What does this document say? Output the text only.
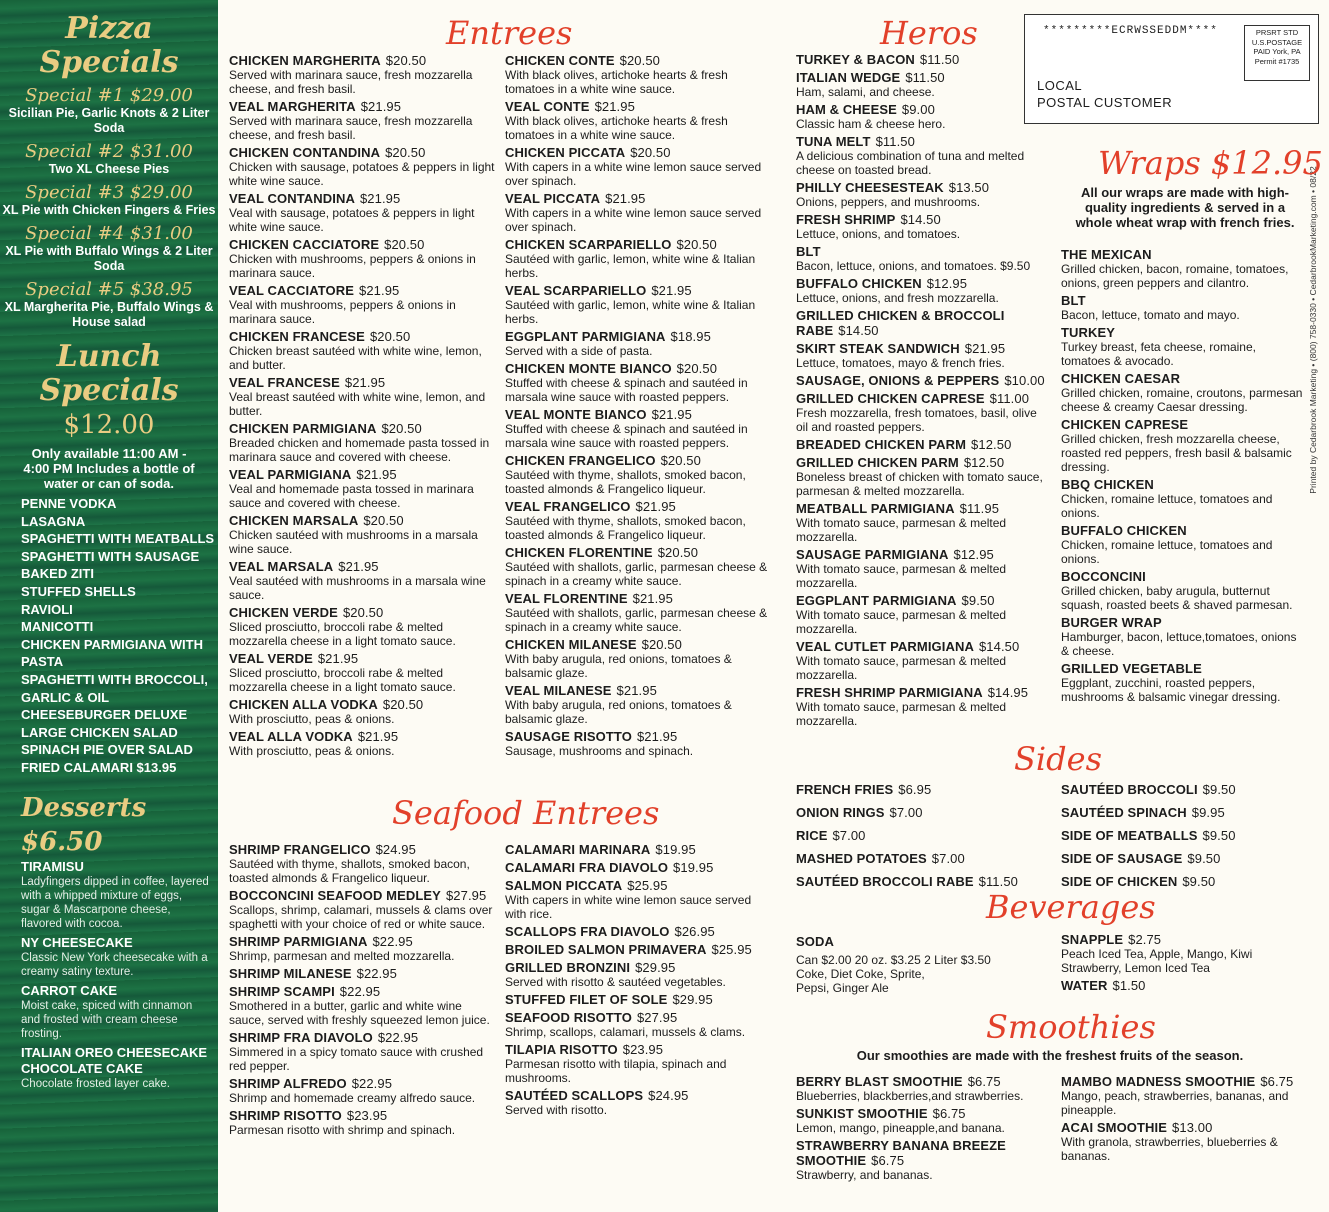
Pizza Specials
Special #1 $29.00
Sicilian Pie, Garlic Knots & 2 Liter Soda
Special #2 $31.00
Two XL Cheese Pies
Special #3 $29.00
XL Pie with Chicken Fingers & Fries
Special #4 $31.00
XL Pie with Buffalo Wings & 2 Liter Soda
Special #5 $38.95
XL Margherita Pie, Buffalo Wings & House salad
Lunch Specials
$12.00
Only available 11:00 AM - 4:00 PM Includes a bottle of water or can of soda.
PENNE VODKA
LASAGNA
SPAGHETTI WITH MEATBALLS
SPAGHETTI WITH SAUSAGE
BAKED ZITI
STUFFED SHELLS
RAVIOLI
MANICOTTI
CHICKEN PARMIGIANA WITH PASTA
SPAGHETTI WITH BROCCOLI, GARLIC & OIL
CHEESEBURGER DELUXE
LARGE CHICKEN SALAD
SPINACH PIE OVER SALAD
FRIED CALAMARI $13.95
Desserts $6.50
TIRAMISU
Ladyfingers dipped in coffee, layered with a whipped mixture of eggs, sugar & Mascarpone cheese, flavored with cocoa.
NY CHEESECAKE
Classic New York cheesecake with a creamy satiny texture.
CARROT CAKE
Moist cake, spiced with cinnamon and frosted with cream cheese frosting.
ITALIAN OREO CHEESECAKE
CHOCOLATE CAKE
Chocolate frosted layer cake.
Entrees
CHICKEN MARGHERITA $20.50
Served with marinara sauce, fresh mozzarella cheese, and fresh basil.
VEAL MARGHERITA $21.95
Served with marinara sauce, fresh mozzarella cheese, and fresh basil.
CHICKEN CONTANDINA $20.50
Chicken with sausage, potatoes & peppers in light white wine sauce.
VEAL CONTANDINA $21.95
Veal with sausage, potatoes & peppers in light white wine sauce.
CHICKEN CACCIATORE $20.50
Chicken with mushrooms, peppers & onions in marinara sauce.
VEAL CACCIATORE $21.95
Veal with mushrooms, peppers & onions in marinara sauce.
CHICKEN FRANCESE $20.50
Chicken breast sautéed with white wine, lemon, and butter.
VEAL FRANCESE $21.95
Veal breast sautéed with white wine, lemon, and butter.
CHICKEN PARMIGIANA $20.50
Breaded chicken and homemade pasta tossed in marinara sauce and covered with cheese.
VEAL PARMIGIANA $21.95
Veal and homemade pasta tossed in marinara sauce and covered with cheese.
CHICKEN MARSALA $20.50
Chicken sautéed with mushrooms in a marsala wine sauce.
VEAL MARSALA $21.95
Veal sautéed with mushrooms in a marsala wine sauce.
CHICKEN VERDE $20.50
Sliced prosciutto, broccoli rabe & melted mozzarella cheese in a light tomato sauce.
VEAL VERDE $21.95
Sliced prosciutto, broccoli rabe & melted mozzarella cheese in a light tomato sauce.
CHICKEN ALLA VODKA $20.50
With prosciutto, peas & onions.
VEAL ALLA VODKA $21.95
With prosciutto, peas & onions.
CHICKEN CONTE $20.50
With black olives, artichoke hearts & fresh tomatoes in a white wine sauce.
VEAL CONTE $21.95
With black olives, artichoke hearts & fresh tomatoes in a white wine sauce.
CHICKEN PICCATA $20.50
With capers in a white wine lemon sauce served over spinach.
VEAL PICCATA $21.95
With capers in a white wine lemon sauce served over spinach.
CHICKEN SCARPARIELLO $20.50
Sautéed with garlic, lemon, white wine & Italian herbs.
VEAL SCARPARIELLO $21.95
Sautéed with garlic, lemon, white wine & Italian herbs.
EGGPLANT PARMIGIANA $18.95
Served with a side of pasta.
CHICKEN MONTE BIANCO $20.50
Stuffed with cheese & spinach and sautéed in marsala wine sauce with roasted peppers.
VEAL MONTE BIANCO $21.95
Stuffed with cheese & spinach and sautéed in marsala wine sauce with roasted peppers.
CHICKEN FRANGELICO $20.50
Sautéed with thyme, shallots, smoked bacon, toasted almonds & Frangelico liqueur.
VEAL FRANGELICO $21.95
Sautéed with thyme, shallots, smoked bacon, toasted almonds & Frangelico liqueur.
CHICKEN FLORENTINE $20.50
Sautéed with shallots, garlic, parmesan cheese & spinach in a creamy white sauce.
VEAL FLORENTINE $21.95
Sautéed with shallots, garlic, parmesan cheese & spinach in a creamy white sauce.
CHICKEN MILANESE $20.50
With baby arugula, red onions, tomatoes & balsamic glaze.
VEAL MILANESE $21.95
With baby arugula, red onions, tomatoes & balsamic glaze.
SAUSAGE RISOTTO $21.95
Sausage, mushrooms and spinach.
Seafood Entrees
SHRIMP FRANGELICO $24.95
Sautéed with thyme, shallots, smoked bacon, toasted almonds & Frangelico liqueur.
BOCCONCINI SEAFOOD MEDLEY $27.95
Scallops, shrimp, calamari, mussels & clams over spaghetti with your choice of red or white sauce.
SHRIMP PARMIGIANA $22.95
Shrimp, parmesan and melted mozzarella.
SHRIMP MILANESE $22.95
SHRIMP SCAMPI $22.95
Smothered in a butter, garlic and white wine sauce, served with freshly squeezed lemon juice.
SHRIMP FRA DIAVOLO $22.95
Simmered in a spicy tomato sauce with crushed red pepper.
SHRIMP ALFREDO $22.95
Shrimp and homemade creamy alfredo sauce.
SHRIMP RISOTTO $23.95
Parmesan risotto with shrimp and spinach.
CALAMARI MARINARA $19.95
CALAMARI FRA DIAVOLO $19.95
SALMON PICCATA $25.95
With capers in white wine lemon sauce served with rice.
SCALLOPS FRA DIAVOLO $26.95
BROILED SALMON PRIMAVERA $25.95
GRILLED BRONZINI $29.95
Served with risotto & sautéed vegetables.
STUFFED FILET OF SOLE $29.95
SEAFOOD RISOTTO $27.95
Shrimp, scallops, calamari, mussels & clams.
TILAPIA RISOTTO $23.95
Parmesan risotto with tilapia, spinach and mushrooms.
SAUTÉED SCALLOPS $24.95
Served with risotto.
Heros
TURKEY & BACON $11.50
ITALIAN WEDGE $11.50
Ham, salami, and cheese.
HAM & CHEESE $9.00
Classic ham & cheese hero.
TUNA MELT $11.50
A delicious combination of tuna and melted cheese on toasted bread.
PHILLY CHEESESTEAK $13.50
Onions, peppers, and mushrooms.
FRESH SHRIMP $14.50
Lettuce, onions, and tomatoes.
BLT
Bacon, lettuce, onions, and tomatoes. $9.50
BUFFALO CHICKEN $12.95
Lettuce, onions, and fresh mozzarella.
GRILLED CHICKEN & BROCCOLI RABE $14.50
SKIRT STEAK SANDWICH $21.95
Lettuce, tomatoes, mayo & french fries.
SAUSAGE, ONIONS & PEPPERS $10.00
GRILLED CHICKEN CAPRESE $11.00
Fresh mozzarella, fresh tomatoes, basil, olive oil and roasted peppers.
BREADED CHICKEN PARM $12.50
GRILLED CHICKEN PARM $12.50
Boneless breast of chicken with tomato sauce, parmesan & melted mozzarella.
MEATBALL PARMIGIANA $11.95
With tomato sauce, parmesan & melted mozzarella.
SAUSAGE PARMIGIANA $12.95
With tomato sauce, parmesan & melted mozzarella.
EGGPLANT PARMIGIANA $9.50
With tomato sauce, parmesan & melted mozzarella.
VEAL CUTLET PARMIGIANA $14.50
With tomato sauce, parmesan & melted mozzarella.
FRESH SHRIMP PARMIGIANA $14.95
With tomato sauce, parmesan & melted mozzarella.
*********ECRWSSEDDM****	PRSRT STD U.S.POSTAGE PAID York, PA Permit #1735
LOCAL
POSTAL CUSTOMER
Printed by Cedarbrook Marketing • (800) 758-0330 • CedarbrookMarketing.com • 08/22
Wraps $12.95
All our wraps are made with high-quality ingredients & served in a whole wheat wrap with french fries.
THE MEXICAN
Grilled chicken, bacon, romaine, tomatoes, onions, green peppers and cilantro.
BLT
Bacon, lettuce, tomato and mayo.
TURKEY
Turkey breast, feta cheese, romaine, tomatoes & avocado.
CHICKEN CAESAR
Grilled chicken, romaine, croutons, parmesan cheese & creamy Caesar dressing.
CHICKEN CAPRESE
Grilled chicken, fresh mozzarella cheese, roasted red peppers, fresh basil & balsamic dressing.
BBQ CHICKEN
Chicken, romaine lettuce, tomatoes and onions.
BUFFALO CHICKEN
Chicken, romaine lettuce, tomatoes and onions.
BOCCONCINI
Grilled chicken, baby arugula, butternut squash, roasted beets & shaved parmesan.
BURGER WRAP
Hamburger, bacon, lettuce,tomatoes, onions & cheese.
GRILLED VEGETABLE
Eggplant, zucchini, roasted peppers, mushrooms & balsamic vinegar dressing.
Sides
FRENCH FRIES $6.95
ONION RINGS $7.00
RICE $7.00
MASHED POTATOES $7.00
SAUTÉED BROCCOLI RABE $11.50
SAUTÉED BROCCOLI $9.50
SAUTÉED SPINACH $9.95
SIDE OF MEATBALLS $9.50
SIDE OF SAUSAGE $9.50
SIDE OF CHICKEN $9.50
Beverages
SODA
Can $2.00 20 oz. $3.25 2 Liter $3.50
Coke, Diet Coke, Sprite, Pepsi, Ginger Ale
SNAPPLE $2.75
Peach Iced Tea, Apple, Mango, Kiwi Strawberry, Lemon Iced Tea
WATER $1.50
Smoothies
Our smoothies are made with the freshest fruits of the season.
BERRY BLAST SMOOTHIE $6.75
Blueberries, blackberries,and strawberries.
SUNKIST SMOOTHIE $6.75
Lemon, mango, pineapple,and banana.
STRAWBERRY BANANA BREEZE SMOOTHIE $6.75
Strawberry, and bananas.
MAMBO MADNESS SMOOTHIE $6.75
Mango, peach, strawberries, bananas, and pineapple.
ACAI SMOOTHIE $13.00
With granola, strawberries, blueberries & bananas.
